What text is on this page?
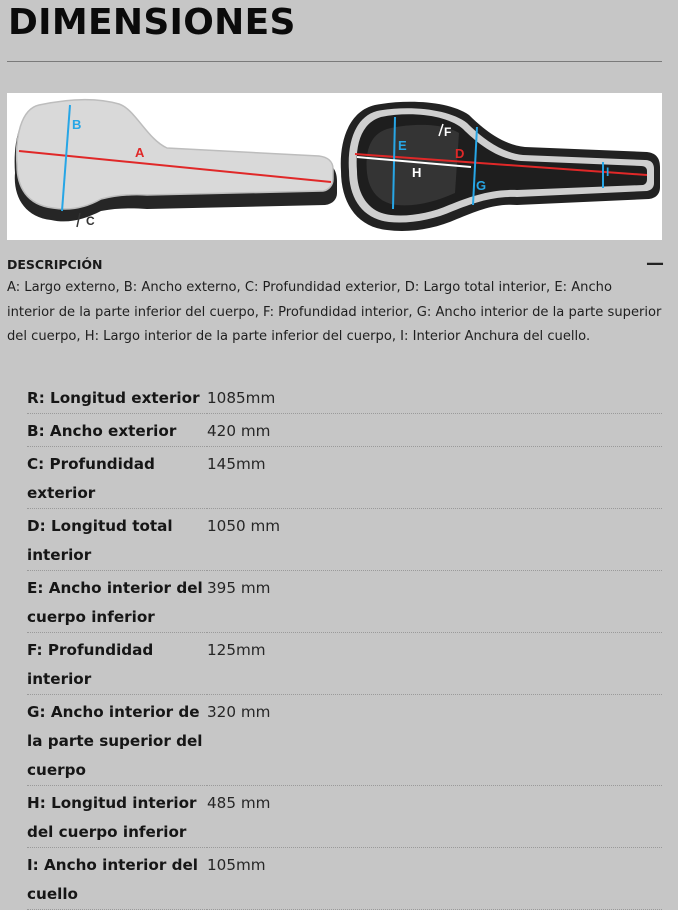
DIMENSIONES
A
B
C
D
E
F
G
H	I
DESCRIPCIÓN	—
A: Largo externo, B: Ancho externo, C: Profundidad exterior, D: Largo total interior, E: Ancho interior de la parte inferior del cuerpo, F: Profundidad interior, G: Ancho interior de la parte superior del cuerpo, H: Largo interior de la parte inferior del cuerpo, I: Interior Anchura del cuello.
R: Longitud exterior	1085mm
B: Ancho exterior	420 mm
C: Profundidad exterior	145mm
D: Longitud total interior	1050 mm
E: Ancho interior del cuerpo inferior	395 mm
F: Profundidad interior	125mm
G: Ancho interior de la parte superior del cuerpo	320 mm
H: Longitud interior del cuerpo inferior	485 mm
I: Ancho interior del cuello	105mm
